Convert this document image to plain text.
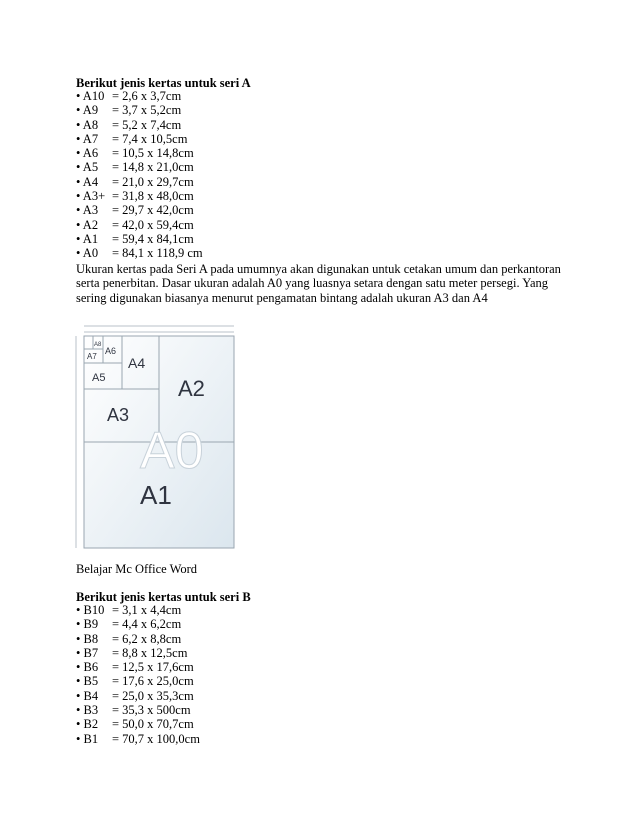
Berikut jenis kertas untuk seri A
• A10 = 2,6 x 3,7cm
• A9 = 3,7 x 5,2cm
• A8 = 5,2 x 7,4cm
• A7 = 7,4 x 10,5cm
• A6 = 10,5 x 14,8cm
• A5 = 14,8 x 21,0cm
• A4 = 21,0 x 29,7cm
• A3+ = 31,8 x 48,0cm
• A3 = 29,7 x 42,0cm
• A2 = 42,0 x 59,4cm
• A1 = 59,4 x 84,1cm
• A0 = 84,1 x 118,9 cm
Ukuran kertas pada Seri A pada umumnya akan digunakan untuk cetakan umum dan perkantoran serta penerbitan. Dasar ukuran adalah A0 yang luasnya setara dengan satu meter persegi. Yang sering digunakan biasanya menurut pengamatan bintang adalah ukuran A3 dan A4
A0
A8
A7
A6
A5
A4
A3
A2
A1
Belajar Mc Office Word
Berikut jenis kertas untuk seri B
• B10 = 3,1 x 4,4cm
• B9 = 4,4 x 6,2cm
• B8 = 6,2 x 8,8cm
• B7 = 8,8 x 12,5cm
• B6 = 12,5 x 17,6cm
• B5 = 17,6 x 25,0cm
• B4 = 25,0 x 35,3cm
• B3 = 35,3 x 500cm
• B2 = 50,0 x 70,7cm
• B1 = 70,7 x 100,0cm
